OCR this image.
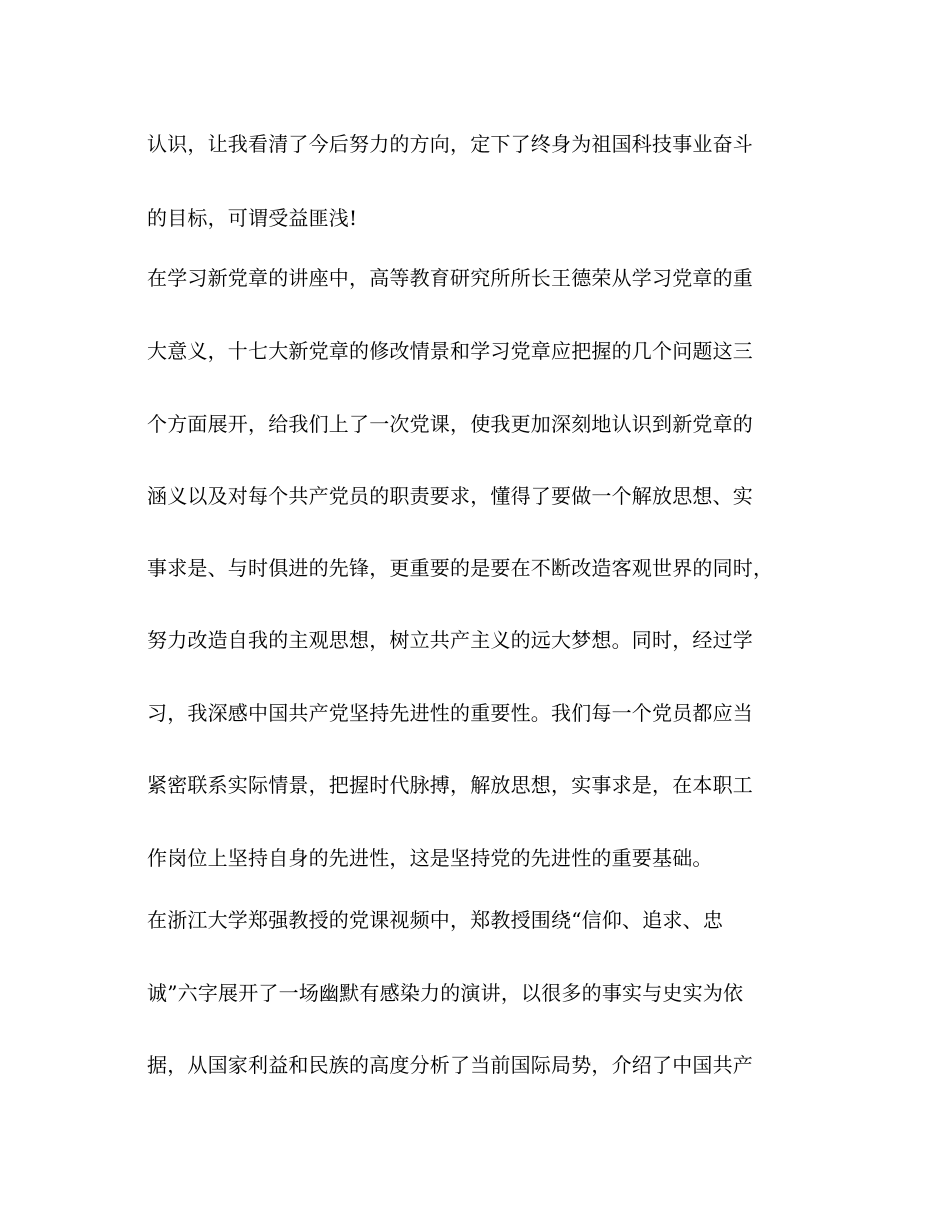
认识，让我看清了今后努力的方向，定下了终身为祖国科技事业奋斗
的目标，可谓受益匪浅!
在学习新党章的讲座中，高等教育研究所所长王德荣从学习党章的重
大意义，十七大新党章的修改情景和学习党章应把握的几个问题这三
个方面展开，给我们上了一次党课，使我更加深刻地认识到新党章的
涵义以及对每个共产党员的职责要求，懂得了要做一个解放思想、实
事求是、与时俱进的先锋，更重要的是要在不断改造客观世界的同时，
努力改造自我的主观思想，树立共产主义的远大梦想。同时，经过学
习，我深感中国共产党坚持先进性的重要性。我们每一个党员都应当
紧密联系实际情景，把握时代脉搏，解放思想，实事求是，在本职工
作岗位上坚持自身的先进性，这是坚持党的先进性的重要基础。
在浙江大学郑强教授的党课视频中，郑教授围绕“信仰、追求、忠
诚”六字展开了一场幽默有感染力的演讲，以很多的事实与史实为依
据，从国家利益和民族的高度分析了当前国际局势，介绍了中国共产
